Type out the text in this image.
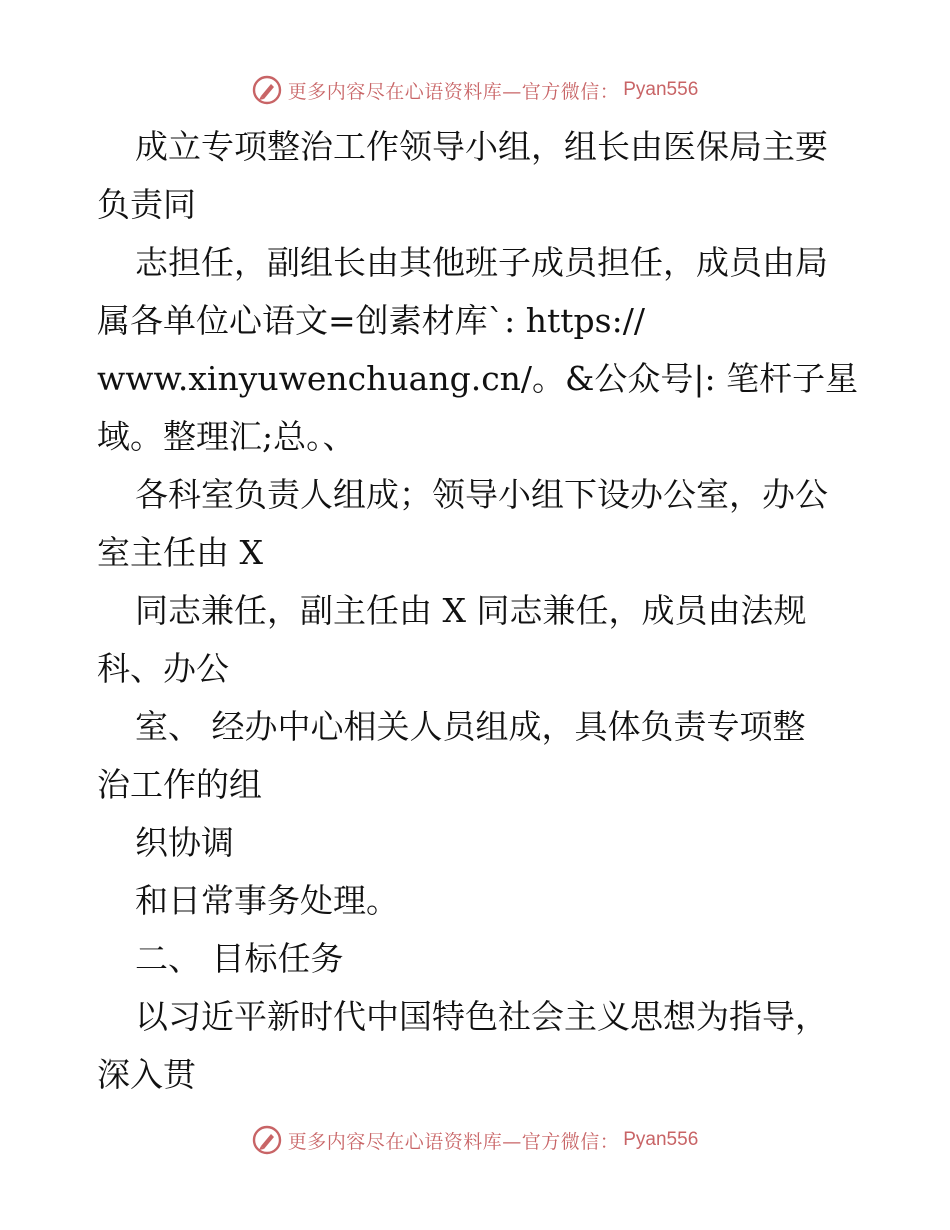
更多内容尽在心语资料库—官方微信： Pyan556
成立专项整治工作领导小组，组长由医保局主要
负责同
志担任，副组长由其他班子成员担任，成员由局
属各单位心语文=创素材库`: https://
www.xinyuwenchuang.cn/。&公众号|: 笔杆子星
域。整理汇;总。、
各科室负责人组成；领导小组下设办公室，办公
室主任由 X
同志兼任，副主任由 X 同志兼任，成员由法规
科、办公
室、 经办中心相关人员组成，具体负责专项整
治工作的组
织协调
和日常事务处理。
二、 目标任务
以习近平新时代中国特色社会主义思想为指导，
深入贯
更多内容尽在心语资料库—官方微信： Pyan556
